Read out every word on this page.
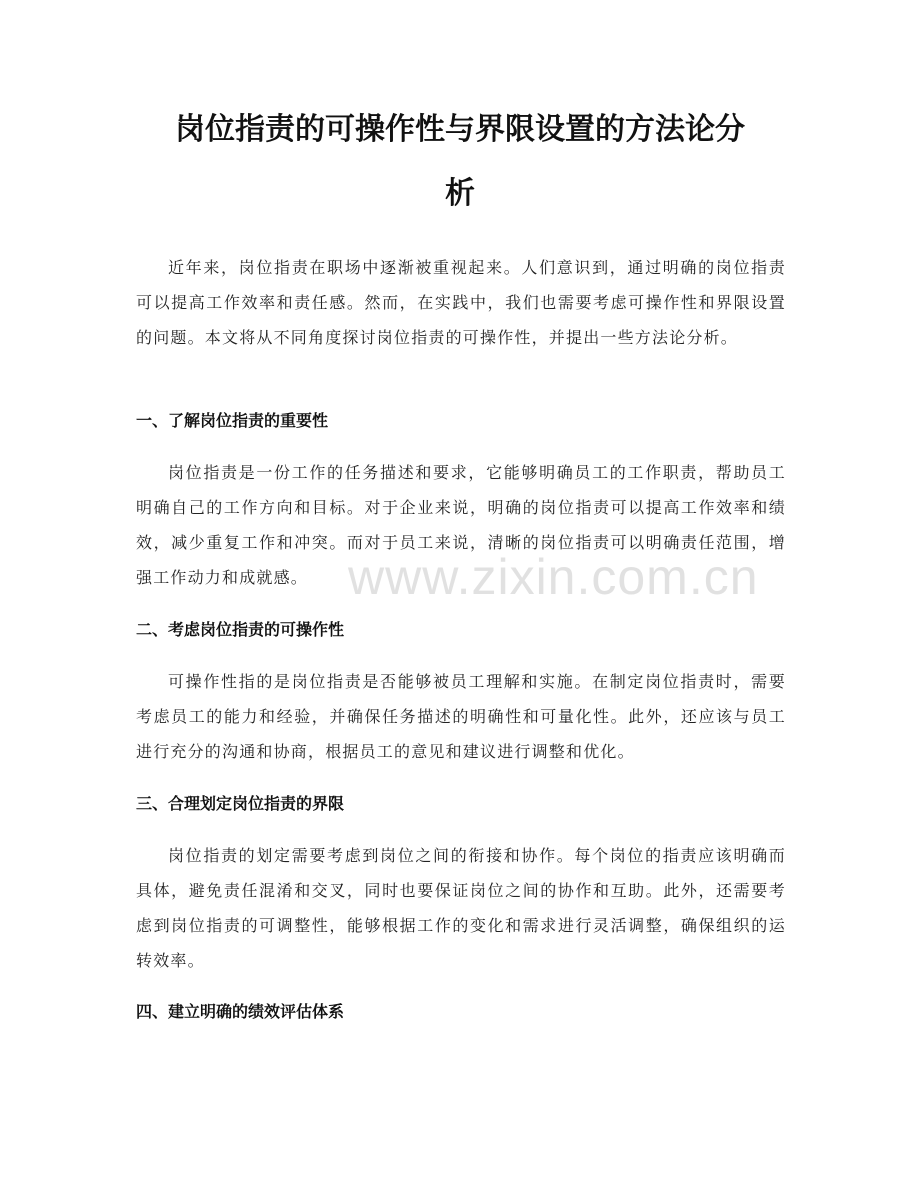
岗位指责的可操作性与界限设置的方法论分
析

近年来，岗位指责在职场中逐渐被重视起来。人们意识到，通过明确的岗位指责可以提高工作效率和责任感。然而，在实践中，我们也需要考虑可操作性和界限设置的问题。本文将从不同角度探讨岗位指责的可操作性，并提出一些方法论分析。

一、了解岗位指责的重要性

岗位指责是一份工作的任务描述和要求，它能够明确员工的工作职责，帮助员工明确自己的工作方向和目标。对于企业来说，明确的岗位指责可以提高工作效率和绩效，减少重复工作和冲突。而对于员工来说，清晰的岗位指责可以明确责任范围，增强工作动力和成就感。

二、考虑岗位指责的可操作性

可操作性指的是岗位指责是否能够被员工理解和实施。在制定岗位指责时，需要考虑员工的能力和经验，并确保任务描述的明确性和可量化性。此外，还应该与员工进行充分的沟通和协商，根据员工的意见和建议进行调整和优化。

三、合理划定岗位指责的界限

岗位指责的划定需要考虑到岗位之间的衔接和协作。每个岗位的指责应该明确而具体，避免责任混淆和交叉，同时也要保证岗位之间的协作和互助。此外，还需要考虑到岗位指责的可调整性，能够根据工作的变化和需求进行灵活调整，确保组织的运转效率。

四、建立明确的绩效评估体系
www.zixin.com.cn
